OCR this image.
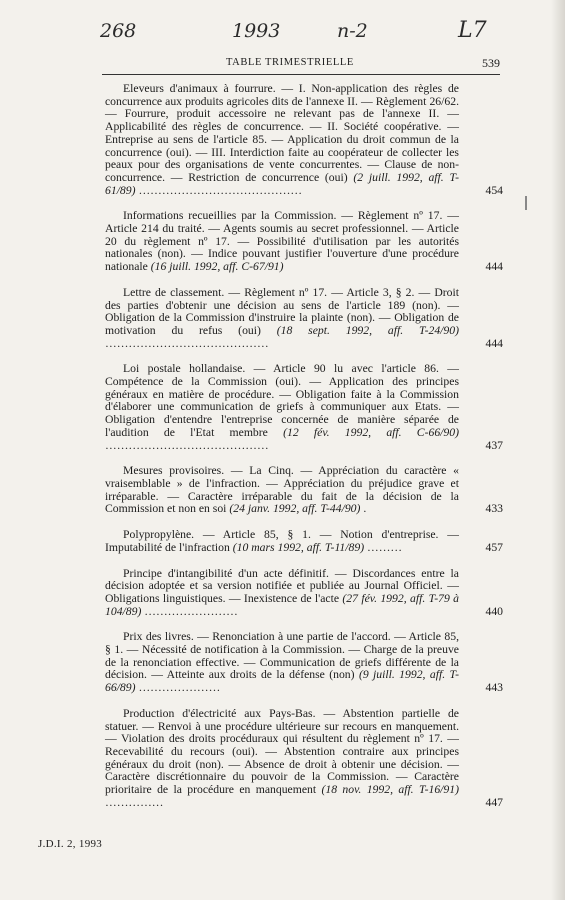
268	1993	n-2	L7
TABLE TRIMESTRIELLE	539
Eleveurs d'animaux à fourrure. — I. Non-application des règles de concurrence aux produits agricoles dits de l'annexe II. — Règlement 26/62. — Fourrure, produit accessoire ne relevant pas de l'annexe II. — Applicabilité des règles de concurrence. — II. Société coopérative. — Entreprise au sens de l'article 85. — Application du droit commun de la concurrence (oui). — III. Interdiction faite au coopérateur de collecter les peaux pour des organisations de vente concurrentes. — Clause de non-concurrence. — Restriction de concurrence (oui) (2 juill. 1992, aff. T-61/89) ……………………………………	454
Informations recueillies par la Commission. — Règlement nº 17. — Article 214 du traité. — Agents soumis au secret professionnel. — Article 20 du règlement nº 17. — Possibilité d'utilisation par les autorités nationales (non). — Indice pouvant justifier l'ouverture d'une procédure nationale (16 juill. 1992, aff. C-67/91)	444
Lettre de classement. — Règlement nº 17. — Article 3, § 2. — Droit des parties d'obtenir une décision au sens de l'article 189 (non). — Obligation de la Commission d'instruire la plainte (non). — Obligation de motivation du refus (oui) (18 sept. 1992, aff. T-24/90) ……………………………………	444
Loi postale hollandaise. — Article 90 lu avec l'article 86. — Compétence de la Commission (oui). — Application des principes généraux en matière de procédure. — Obligation faite à la Commission d'élaborer une communication de griefs à communiquer aux Etats. — Obligation d'entendre l'entreprise concernée de manière séparée de l'audition de l'Etat membre (12 fév. 1992, aff. C-66/90) ……………………………………	437
Mesures provisoires. — La Cinq. — Appréciation du caractère « vraisemblable » de l'infraction. — Appréciation du préjudice grave et irréparable. — Caractère irréparable du fait de la décision de la Commission et non en soi (24 janv. 1992, aff. T-44/90) .	433
Polypropylène. — Article 85, § 1. — Notion d'entreprise. — Imputabilité de l'infraction (10 mars 1992, aff. T-11/89) ………	457
Principe d'intangibilité d'un acte définitif. — Discordances entre la décision adoptée et sa version notifiée et publiée au Journal Officiel. — Obligations linguistiques. — Inexistence de l'acte (27 fév. 1992, aff. T-79 à 104/89) ……………………	440
Prix des livres. — Renonciation à une partie de l'accord. — Article 85, § 1. — Nécessité de notification à la Commission. — Charge de la preuve de la renonciation effective. — Communication de griefs différente de la décision. — Atteinte aux droits de la défense (non) (9 juill. 1992, aff. T-66/89) …………………	443
Production d'électricité aux Pays-Bas. — Abstention partielle de statuer. — Renvoi à une procédure ultérieure sur recours en manquement. — Violation des droits procéduraux qui résultent du règlement nº 17. — Recevabilité du recours (oui). — Abstention contraire aux principes généraux du droit (non). — Absence de droit à obtenir une décision. — Caractère discrétionnaire du pouvoir de la Commission. — Caractère prioritaire de la procédure en manquement (18 nov. 1992, aff. T-16/91) ……………	447
J.D.I. 2, 1993
